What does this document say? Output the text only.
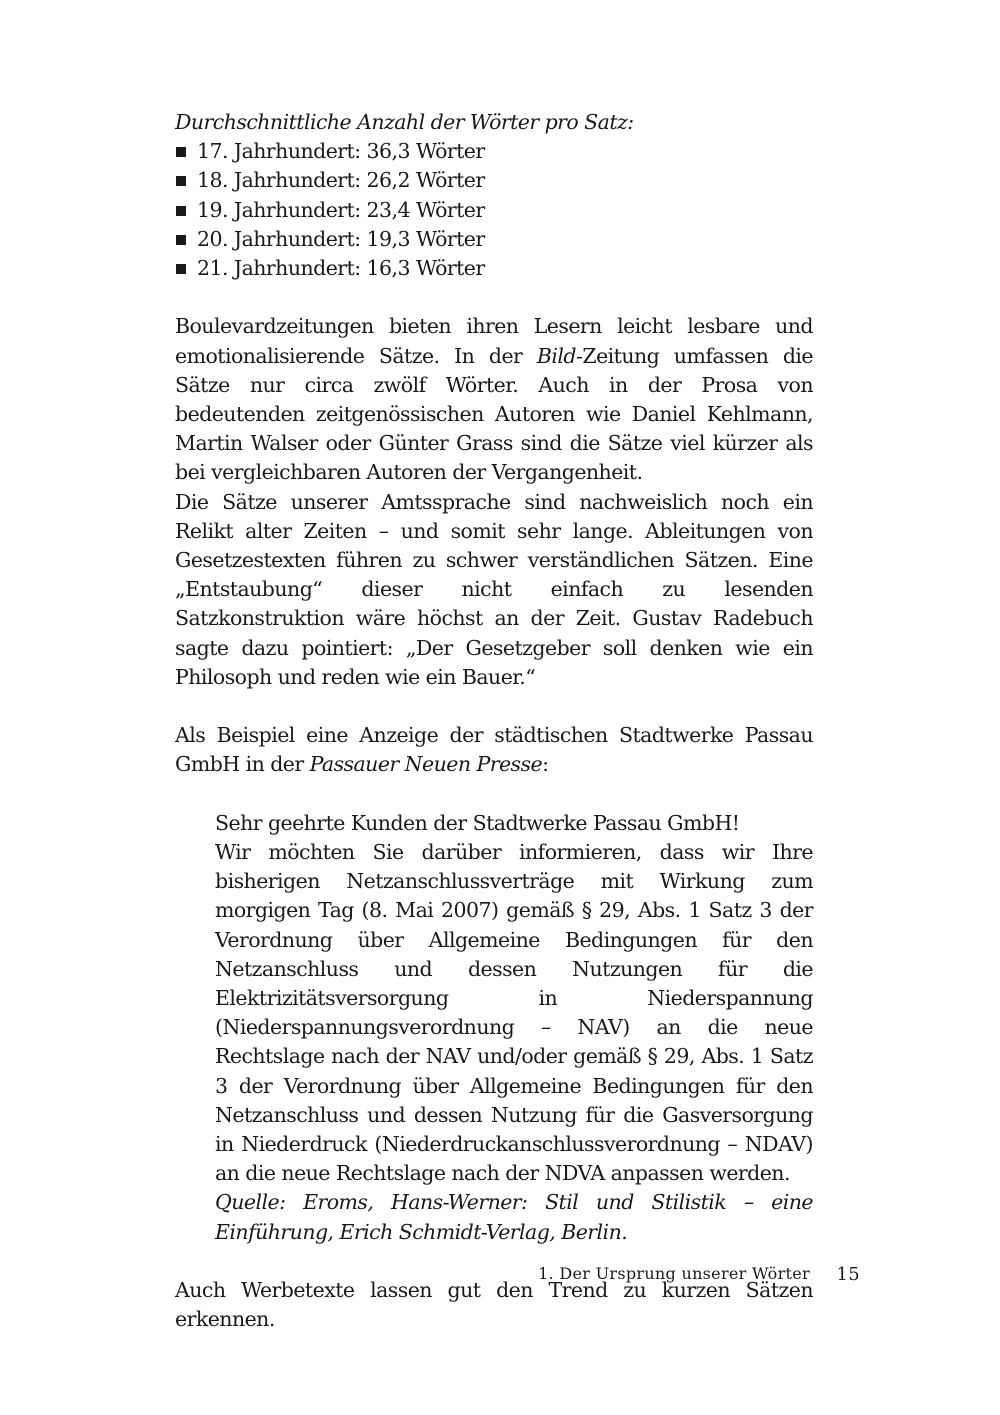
Durchschnittliche Anzahl der Wörter pro Satz:

17. Jahrhundert: 36,3 Wörter
18. Jahrhundert: 26,2 Wörter
19. Jahrhundert: 23,4 Wörter
20. Jahrhundert: 19,3 Wörter
21. Jahrhundert: 16,3 Wörter

Boulevardzeitungen bieten ihren Lesern leicht lesbare und emotionalisierende Sätze. In der Bild-Zeitung umfassen die Sätze nur circa zwölf Wörter. Auch in der Prosa von bedeutenden zeitgenössischen Autoren wie Daniel Kehlmann, Martin Walser oder Günter Grass sind die Sätze viel kürzer als bei vergleichbaren Autoren der Vergangenheit.

Die Sätze unserer Amtssprache sind nachweislich noch ein Relikt alter Zeiten – und somit sehr lange. Ableitungen von Gesetzestexten führen zu schwer verständlichen Sätzen. Eine „Entstaubung“ dieser nicht einfach zu lesenden Satzkonstruktion wäre höchst an der Zeit. Gustav Radebuch sagte dazu pointiert: „Der Gesetzgeber soll denken wie ein Philosoph und reden wie ein Bauer.“

Als Beispiel eine Anzeige der städtischen Stadtwerke Passau GmbH in der Passauer Neuen Presse:

Sehr geehrte Kunden der Stadtwerke Passau GmbH!

Wir möchten Sie darüber informieren, dass wir Ihre bisherigen Netzanschlussverträge mit Wirkung zum morgigen Tag (8. Mai 2007) gemäß § 29, Abs. 1 Satz 3 der Verordnung über Allgemeine Bedingungen für den Netzanschluss und dessen Nutzungen für die Elektrizitätsversorgung in Niederspannung (Niederspannungsverordnung – NAV) an die neue Rechtslage nach der NAV und/oder gemäß § 29, Abs. 1 Satz 3 der Verordnung über Allgemeine Bedingungen für den Netzanschluss und dessen Nutzung für die Gasversorgung in Niederdruck (Niederdruckanschlussverordnung – NDAV) an die neue Rechtslage nach der NDVA anpassen werden.

Quelle: Eroms, Hans-Werner: Stil und Stilistik – eine Einführung, Erich Schmidt-Verlag, Berlin.

Auch Werbetexte lassen gut den Trend zu kurzen Sätzen erkennen.

1. Der Ursprung unserer Wörter 15
